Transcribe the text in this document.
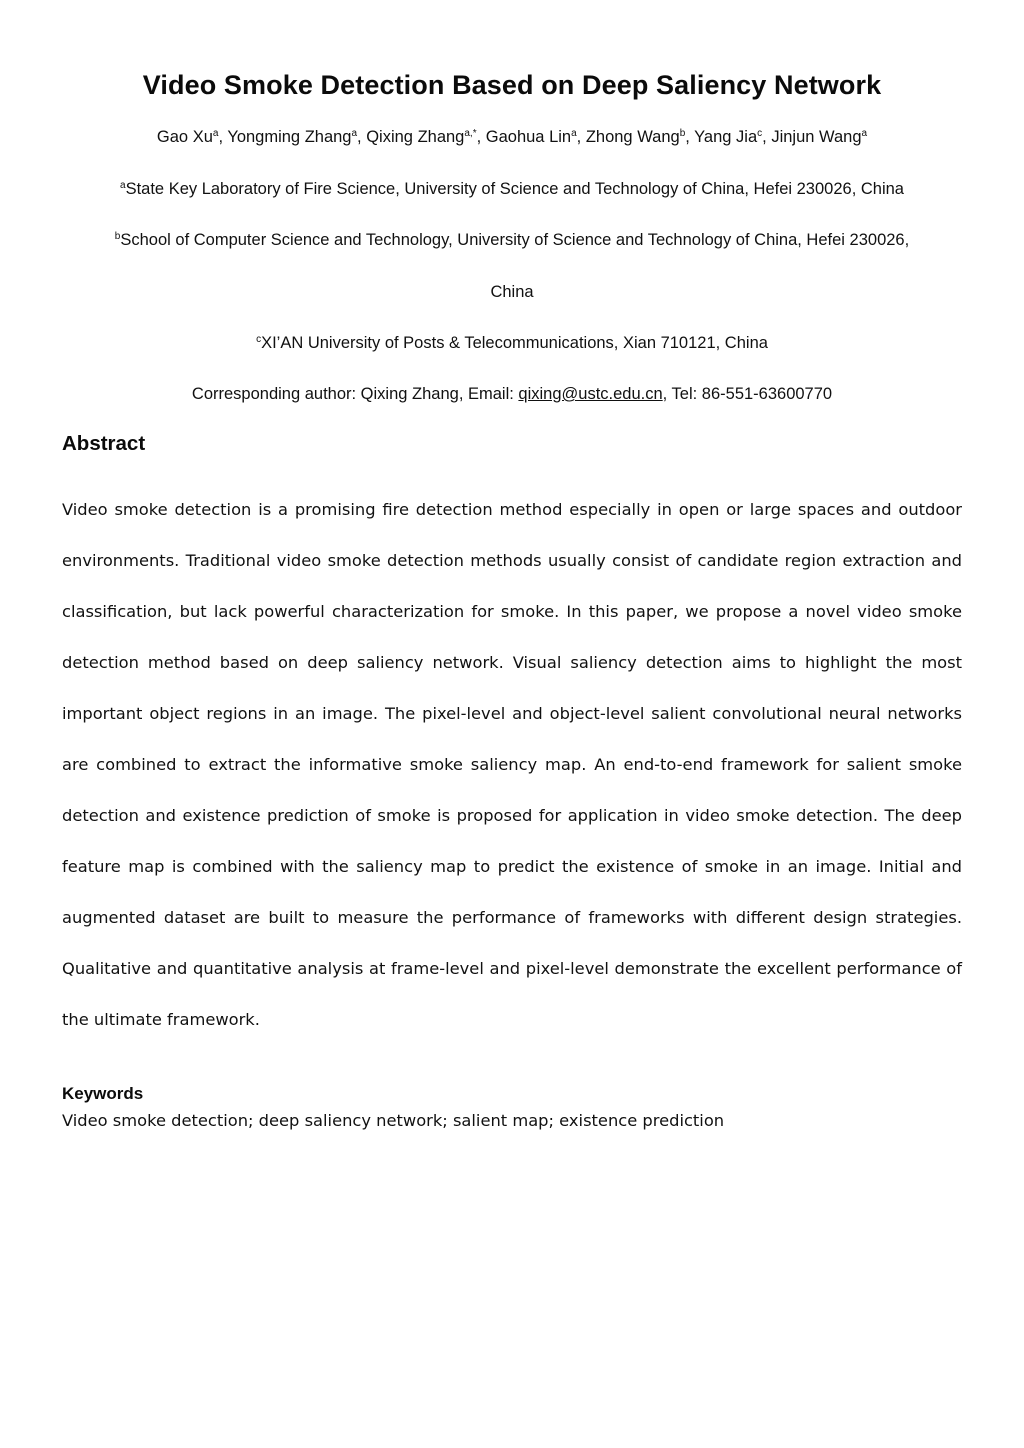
Video Smoke Detection Based on Deep Saliency Network
Gao Xu$^a$, Yongming Zhang$^a$, Qixing Zhang$^{a,*}$, Gaohua Lin$^a$, Zhong Wang$^b$, Yang Jia$^c$, Jinjun Wang$^a$
$^a$State Key Laboratory of Fire Science, University of Science and Technology of China, Hefei 230026, China
$^b$School of Computer Science and Technology, University of Science and Technology of China, Hefei 230026,
China
$^c$XI’AN University of Posts & Telecommunications, Xian 710121, China
Corresponding author: Qixing Zhang, Email: qixing@ustc.edu.cn, Tel: 86-551-63600770
Abstract
Video smoke detection is a promising fire detection method especially in open or large spaces and outdoor environments. Traditional video smoke detection methods usually consist of candidate region extraction and classification, but lack powerful characterization for smoke. In this paper, we propose a novel video smoke detection method based on deep saliency network. Visual saliency detection aims to highlight the most important object regions in an image. The pixel-level and object-level salient convolutional neural networks are combined to extract the informative smoke saliency map. An end-to-end framework for salient smoke detection and existence prediction of smoke is proposed for application in video smoke detection. The deep feature map is combined with the saliency map to predict the existence of smoke in an image. Initial and augmented dataset are built to measure the performance of frameworks with different design strategies. Qualitative and quantitative analysis at frame-level and pixel-level demonstrate the excellent performance of the ultimate framework.
Keywords
Video smoke detection; deep saliency network; salient map; existence prediction
